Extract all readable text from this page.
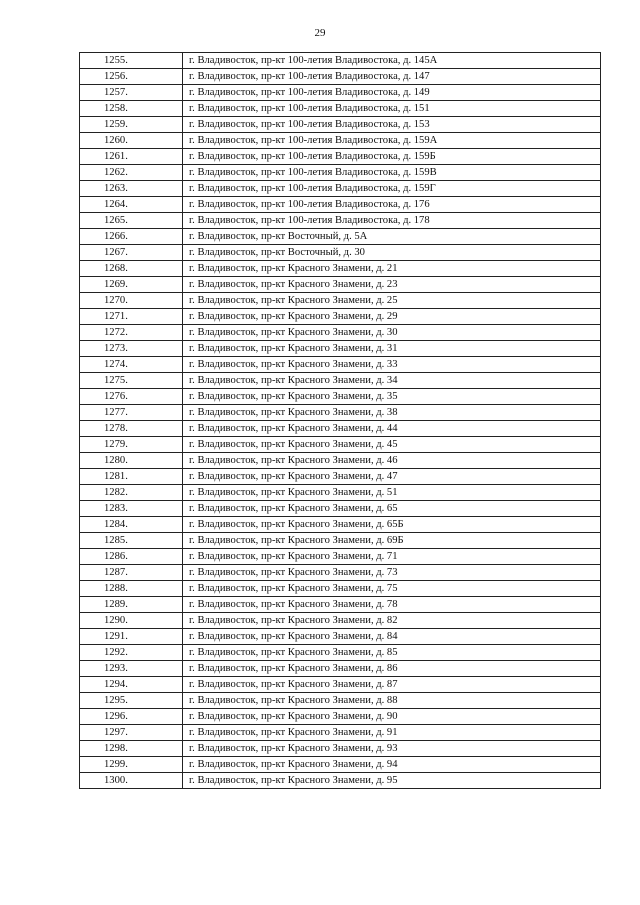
29
1255.	г. Владивосток, пр-кт 100-летия Владивостока, д. 145А
1256.	г. Владивосток, пр-кт 100-летия Владивостока, д. 147
1257.	г. Владивосток, пр-кт 100-летия Владивостока, д. 149
1258.	г. Владивосток, пр-кт 100-летия Владивостока, д. 151
1259.	г. Владивосток, пр-кт 100-летия Владивостока, д. 153
1260.	г. Владивосток, пр-кт 100-летия Владивостока, д. 159А
1261.	г. Владивосток, пр-кт 100-летия Владивостока, д. 159Б
1262.	г. Владивосток, пр-кт 100-летия Владивостока, д. 159В
1263.	г. Владивосток, пр-кт 100-летия Владивостока, д. 159Г
1264.	г. Владивосток, пр-кт 100-летия Владивостока, д. 176
1265.	г. Владивосток, пр-кт 100-летия Владивостока, д. 178
1266.	г. Владивосток, пр-кт Восточный, д. 5А
1267.	г. Владивосток, пр-кт Восточный, д. 30
1268.	г. Владивосток, пр-кт Красного Знамени, д. 21
1269.	г. Владивосток, пр-кт Красного Знамени, д. 23
1270.	г. Владивосток, пр-кт Красного Знамени, д. 25
1271.	г. Владивосток, пр-кт Красного Знамени, д. 29
1272.	г. Владивосток, пр-кт Красного Знамени, д. 30
1273.	г. Владивосток, пр-кт Красного Знамени, д. 31
1274.	г. Владивосток, пр-кт Красного Знамени, д. 33
1275.	г. Владивосток, пр-кт Красного Знамени, д. 34
1276.	г. Владивосток, пр-кт Красного Знамени, д. 35
1277.	г. Владивосток, пр-кт Красного Знамени, д. 38
1278.	г. Владивосток, пр-кт Красного Знамени, д. 44
1279.	г. Владивосток, пр-кт Красного Знамени, д. 45
1280.	г. Владивосток, пр-кт Красного Знамени, д. 46
1281.	г. Владивосток, пр-кт Красного Знамени, д. 47
1282.	г. Владивосток, пр-кт Красного Знамени, д. 51
1283.	г. Владивосток, пр-кт Красного Знамени, д. 65
1284.	г. Владивосток, пр-кт Красного Знамени, д. 65Б
1285.	г. Владивосток, пр-кт Красного Знамени, д. 69Б
1286.	г. Владивосток, пр-кт Красного Знамени, д. 71
1287.	г. Владивосток, пр-кт Красного Знамени, д. 73
1288.	г. Владивосток, пр-кт Красного Знамени, д. 75
1289.	г. Владивосток, пр-кт Красного Знамени, д. 78
1290.	г. Владивосток, пр-кт Красного Знамени, д. 82
1291.	г. Владивосток, пр-кт Красного Знамени, д. 84
1292.	г. Владивосток, пр-кт Красного Знамени, д. 85
1293.	г. Владивосток, пр-кт Красного Знамени, д. 86
1294.	г. Владивосток, пр-кт Красного Знамени, д. 87
1295.	г. Владивосток, пр-кт Красного Знамени, д. 88
1296.	г. Владивосток, пр-кт Красного Знамени, д. 90
1297.	г. Владивосток, пр-кт Красного Знамени, д. 91
1298.	г. Владивосток, пр-кт Красного Знамени, д. 93
1299.	г. Владивосток, пр-кт Красного Знамени, д. 94
1300.	г. Владивосток, пр-кт Красного Знамени, д. 95
